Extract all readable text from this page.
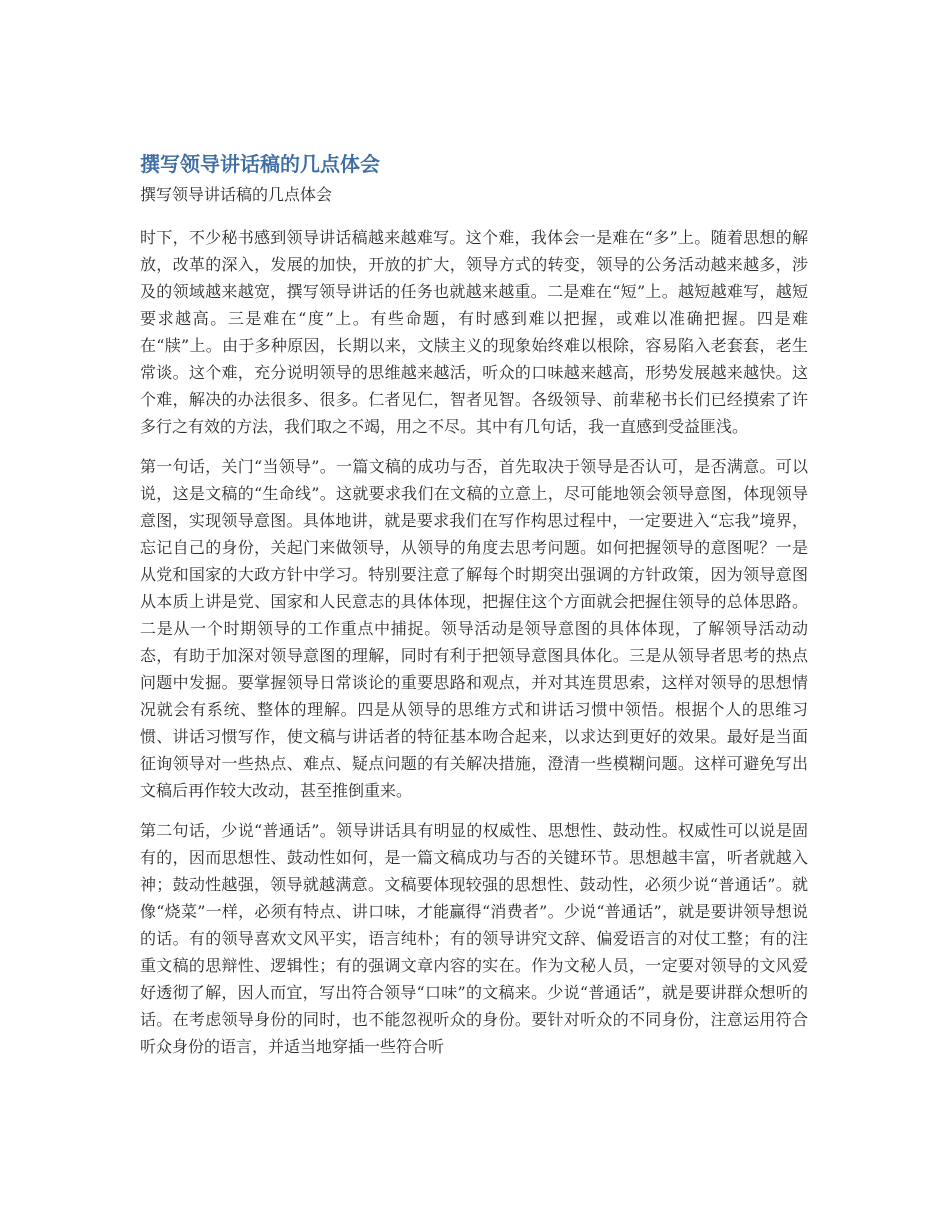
撰写领导讲话稿的几点体会

撰写领导讲话稿的几点体会

时下，不少秘书感到领导讲话稿越来越难写。这个难，我体会一是难在“多”上。随着思想的解放，改革的深入，发展的加快，开放的扩大，领导方式的转变，领导的公务活动越来越多，涉及的领域越来越宽，撰写领导讲话的任务也就越来越重。二是难在“短”上。越短越难写，越短要求越高。三是难在“度”上。有些命题，有时感到难以把握，或难以准确把握。四是难在“牍”上。由于多种原因，长期以来，文牍主义的现象始终难以根除，容易陷入老套套，老生常谈。这个难，充分说明领导的思维越来越活，听众的口味越来越高，形势发展越来越快。这个难，解决的办法很多、很多。仁者见仁，智者见智。各级领导、前辈秘书长们已经摸索了许多行之有效的方法，我们取之不竭，用之不尽。其中有几句话，我一直感到受益匪浅。

第一句话，关门“当领导”。一篇文稿的成功与否，首先取决于领导是否认可，是否满意。可以说，这是文稿的“生命线”。这就要求我们在文稿的立意上，尽可能地领会领导意图，体现领导意图，实现领导意图。具体地讲，就是要求我们在写作构思过程中，一定要进入“忘我”境界，忘记自己的身份，关起门来做领导，从领导的角度去思考问题。如何把握领导的意图呢？一是从党和国家的大政方针中学习。特别要注意了解每个时期突出强调的方针政策，因为领导意图从本质上讲是党、国家和人民意志的具体体现，把握住这个方面就会把握住领导的总体思路。二是从一个时期领导的工作重点中捕捉。领导活动是领导意图的具体体现，了解领导活动动态，有助于加深对领导意图的理解，同时有利于把领导意图具体化。三是从领导者思考的热点问题中发掘。要掌握领导日常谈论的重要思路和观点，并对其连贯思索，这样对领导的思想情况就会有系统、整体的理解。四是从领导的思维方式和讲话习惯中领悟。根据个人的思维习惯、讲话习惯写作，使文稿与讲话者的特征基本吻合起来，以求达到更好的效果。最好是当面征询领导对一些热点、难点、疑点问题的有关解决措施，澄清一些模糊问题。这样可避免写出文稿后再作较大改动，甚至推倒重来。

第二句话，少说“普通话”。领导讲话具有明显的权威性、思想性、鼓动性。权威性可以说是固有的，因而思想性、鼓动性如何，是一篇文稿成功与否的关键环节。思想越丰富，听者就越入神；鼓动性越强，领导就越满意。文稿要体现较强的思想性、鼓动性，必须少说“普通话”。就像“烧菜”一样，必须有特点、讲口味，才能赢得“消费者”。少说“普通话”，就是要讲领导想说的话。有的领导喜欢文风平实，语言纯朴；有的领导讲究文辞、偏爱语言的对仗工整；有的注重文稿的思辩性、逻辑性；有的强调文章内容的实在。作为文秘人员，一定要对领导的文风爱好透彻了解，因人而宜，写出符合领导“口味”的文稿来。少说“普通话”，就是要讲群众想听的话。在考虑领导身份的同时，也不能忽视听众的身份。要针对听众的不同身份，注意运用符合听众身份的语言，并适当地穿插一些符合听
